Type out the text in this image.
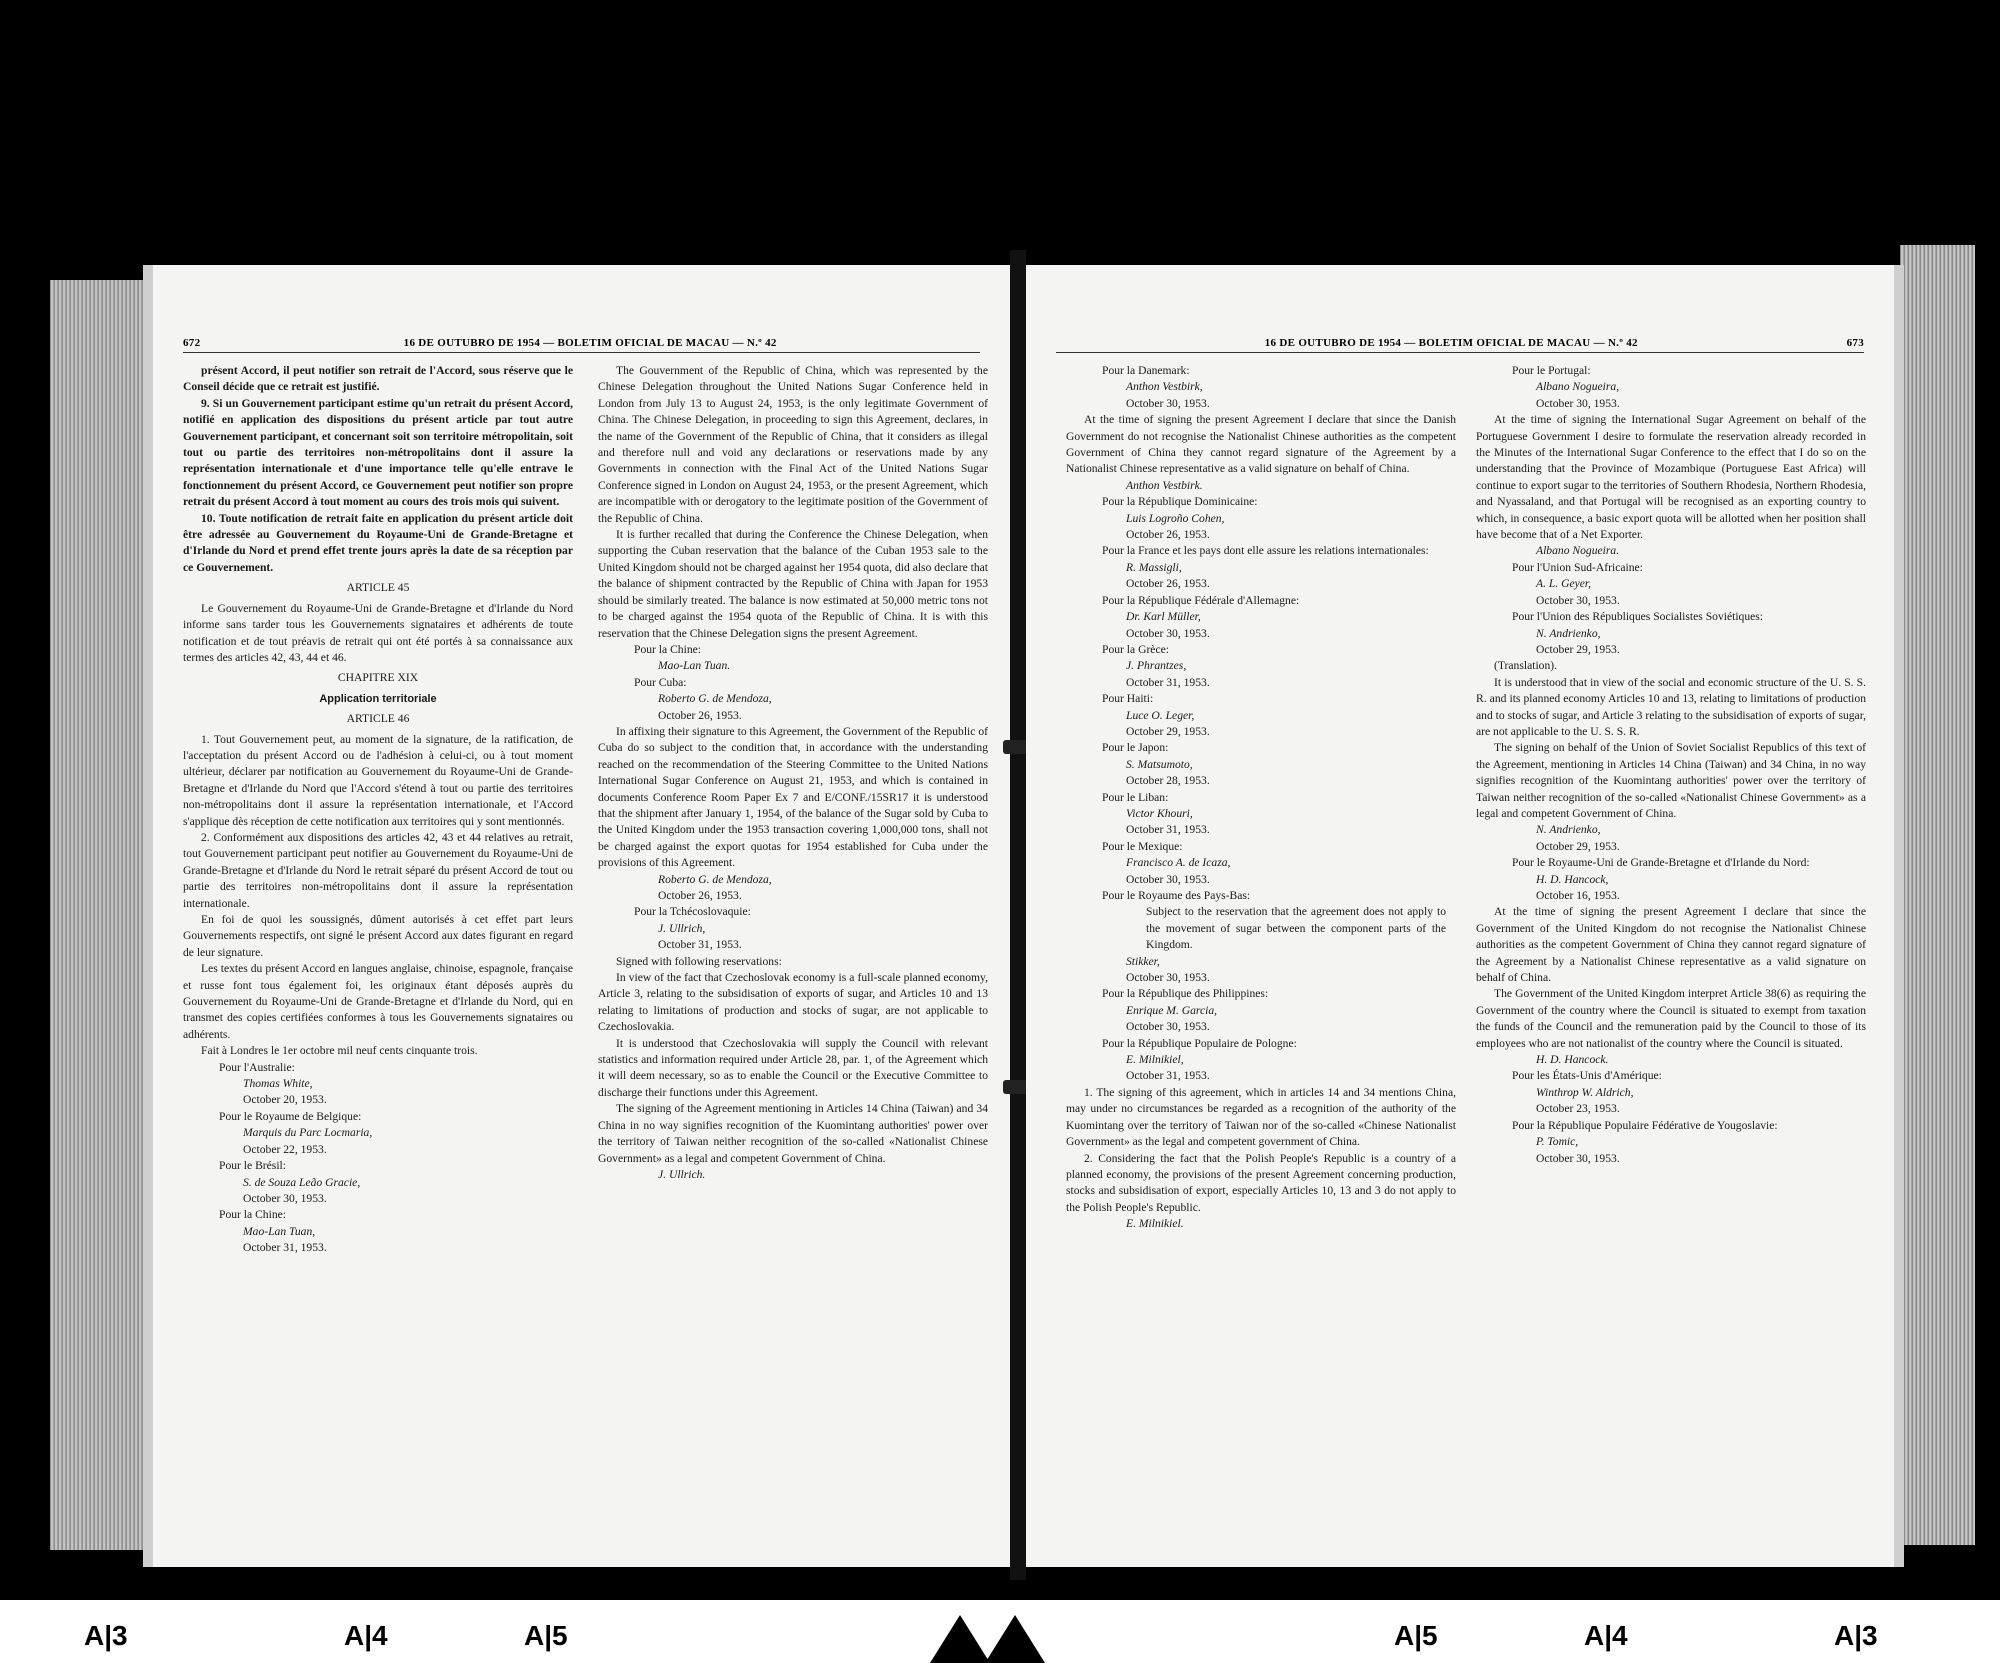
672	16 DE OUTUBRO DE 1954 — BOLETIM OFICIAL DE MACAU — N.º 42

présent Accord, il peut notifier son retrait de l'Accord, sous réserve que le Conseil décide que ce retrait est justifié.

9. Si un Gouvernement participant estime qu'un retrait du présent Accord, notifié en application des dispositions du présent article par tout autre Gouvernement participant, et concernant soit son territoire métropolitain, soit tout ou partie des territoires non-métropolitains dont il assure la représentation internationale et d'une importance telle qu'elle entrave le fonctionnement du présent Accord, ce Gouvernement peut notifier son propre retrait du présent Accord à tout moment au cours des trois mois qui suivent.

10. Toute notification de retrait faite en application du présent article doit être adressée au Gouvernement du Royaume-Uni de Grande-Bretagne et d'Irlande du Nord et prend effet trente jours après la date de sa réception par ce Gouvernement.

ARTICLE 45

Le Gouvernement du Royaume-Uni de Grande-Bretagne et d'Irlande du Nord informe sans tarder tous les Gouvernements signataires et adhérents de toute notification et de tout préavis de retrait qui ont été portés à sa connaissance aux termes des articles 42, 43, 44 et 46.

CHAPITRE XIX

Application territoriale

ARTICLE 46

1. Tout Gouvernement peut, au moment de la signature, de la ratification, de l'acceptation du présent Accord ou de l'adhésion à celui-ci, ou à tout moment ultérieur, déclarer par notification au Gouvernement du Royaume-Uni de Grande-Bretagne et d'Irlande du Nord que l'Accord s'étend à tout ou partie des territoires non-métropolitains dont il assure la représentation internationale, et l'Accord s'applique dès réception de cette notification aux territoires qui y sont mentionnés.

2. Conformément aux dispositions des articles 42, 43 et 44 relatives au retrait, tout Gouvernement participant peut notifier au Gouvernement du Royaume-Uni de Grande-Bretagne et d'Irlande du Nord le retrait séparé du présent Accord de tout ou partie des territoires non-métropolitains dont il assure la représentation internationale.

En foi de quoi les soussignés, dûment autorisés à cet effet part leurs Gouvernements respectifs, ont signé le présent Accord aux dates figurant en regard de leur signature.

Les textes du présent Accord en langues anglaise, chinoise, espagnole, française et russe font tous également foi, les originaux étant déposés auprès du Gouvernement du Royaume-Uni de Grande-Bretagne et d'Irlande du Nord, qui en transmet des copies certifiées conformes à tous les Gouvernements signataires ou adhérents.

Fait à Londres le 1er octobre mil neuf cents cinquante trois.

Pour l'Australie:

Thomas White,

October 20, 1953.

Pour le Royaume de Belgique:

Marquis du Parc Locmaria,

October 22, 1953.

Pour le Brésil:

S. de Souza Leão Gracie,

October 30, 1953.

Pour la Chine:

Mao-Lan Tuan,

October 31, 1953.

The Gouvernment of the Republic of China, which was represented by the Chinese Delegation throughout the United Nations Sugar Conference held in London from July 13 to August 24, 1953, is the only legitimate Government of China. The Chinese Delegation, in proceeding to sign this Agreement, declares, in the name of the Government of the Republic of China, that it considers as illegal and therefore null and void any declarations or reservations made by any Governments in connection with the Final Act of the United Nations Sugar Conference signed in London on August 24, 1953, or the present Agreement, which are incompatible with or derogatory to the legitimate position of the Government of the Republic of China.

It is further recalled that during the Conference the Chinese Delegation, when supporting the Cuban reservation that the balance of the Cuban 1953 sale to the United Kingdom should not be charged against her 1954 quota, did also declare that the balance of shipment contracted by the Republic of China with Japan for 1953 should be similarly treated. The balance is now estimated at 50,000 metric tons not to be charged against the 1954 quota of the Republic of China. It is with this reservation that the Chinese Delegation signs the present Agreement.

Pour la Chine:

Mao-Lan Tuan.

Pour Cuba:

Roberto G. de Mendoza,

October 26, 1953.

In affixing their signature to this Agreement, the Government of the Republic of Cuba do so subject to the condition that, in accordance with the understanding reached on the recommendation of the Steering Committee to the United Nations International Sugar Conference on August 21, 1953, and which is contained in documents Conference Room Paper Ex 7 and E/CONF./15SR17 it is understood that the shipment after January 1, 1954, of the balance of the Sugar sold by Cuba to the United Kingdom under the 1953 transaction covering 1,000,000 tons, shall not be charged against the export quotas for 1954 established for Cuba under the provisions of this Agreement.

Roberto G. de Mendoza,

October 26, 1953.

Pour la Tchécoslovaquie:

J. Ullrich,

October 31, 1953.

Signed with following reservations:

In view of the fact that Czechoslovak economy is a full-scale planned economy, Article 3, relating to the subsidisation of exports of sugar, and Articles 10 and 13 relating to limitations of production and stocks of sugar, are not applicable to Czechoslovakia.

It is understood that Czechoslovakia will supply the Council with relevant statistics and information required under Article 28, par. 1, of the Agreement which it will deem necessary, so as to enable the Council or the Executive Committee to discharge their functions under this Agreement.

The signing of the Agreement mentioning in Articles 14 China (Taiwan) and 34 China in no way signifies recognition of the Kuomintang authorities' power over the territory of Taiwan neither recognition of the so-called «Nationalist Chinese Government» as a legal and competent Government of China.

J. Ullrich.

16 DE OUTUBRO DE 1954 — BOLETIM OFICIAL DE MACAU — N.º 42	673

Pour la Danemark:

Anthon Vestbirk,

October 30, 1953.

At the time of signing the present Agreement I declare that since the Danish Government do not recognise the Nationalist Chinese authorities as the competent Government of China they cannot regard signature of the Agreement by a Nationalist Chinese representative as a valid signature on behalf of China.

Anthon Vestbirk.

Pour la République Dominicaine:

Luis Logroño Cohen,

October 26, 1953.

Pour la France et les pays dont elle assure les relations internationales:

R. Massigli,

October 26, 1953.

Pour la République Fédérale d'Allemagne:

Dr. Karl Müller,

October 30, 1953.

Pour la Grèce:

J. Phrantzes,

October 31, 1953.

Pour Haiti:

Luce O. Leger,

October 29, 1953.

Pour le Japon:

S. Matsumoto,

October 28, 1953.

Pour le Liban:

Victor Khouri,

October 31, 1953.

Pour le Mexique:

Francisco A. de Icaza,

October 30, 1953.

Pour le Royaume des Pays-Bas:

Subject to the reservation that the agreement does not apply to the movement of sugar between the component parts of the Kingdom.

Stikker,

October 30, 1953.

Pour la République des Philippines:

Enrique M. Garcia,

October 30, 1953.

Pour la République Populaire de Pologne:

E. Milnikiel,

October 31, 1953.

1. The signing of this agreement, which in articles 14 and 34 mentions China, may under no circumstances be regarded as a recognition of the authority of the Kuomintang over the territory of Taiwan nor of the so-called «Chinese Nationalist Government» as the legal and competent government of China.

2. Considering the fact that the Polish People's Republic is a country of a planned economy, the provisions of the present Agreement concerning production, stocks and subsidisation of export, especially Articles 10, 13 and 3 do not apply to the Polish People's Republic.

E. Milnikiel.

Pour le Portugal:

Albano Nogueira,

October 30, 1953.

At the time of signing the International Sugar Agreement on behalf of the Portuguese Government I desire to formulate the reservation already recorded in the Minutes of the International Sugar Conference to the effect that I do so on the understanding that the Province of Mozambique (Portuguese East Africa) will continue to export sugar to the territories of Southern Rhodesia, Northern Rhodesia, and Nyassaland, and that Portugal will be recognised as an exporting country to which, in consequence, a basic export quota will be allotted when her position shall have become that of a Net Exporter.

Albano Nogueira.

Pour l'Union Sud-Africaine:

A. L. Geyer,

October 30, 1953.

Pour l'Union des Républiques Socialistes Soviétiques:

N. Andrienko,

October 29, 1953.

(Translation).

It is understood that in view of the social and economic structure of the U. S. S. R. and its planned economy Articles 10 and 13, relating to limitations of production and to stocks of sugar, and Article 3 relating to the subsidisation of exports of sugar, are not applicable to the U. S. S. R.

The signing on behalf of the Union of Soviet Socialist Republics of this text of the Agreement, mentioning in Articles 14 China (Taiwan) and 34 China, in no way signifies recognition of the Kuomintang authorities' power over the territory of Taiwan neither recognition of the so-called «Nationalist Chinese Government» as a legal and competent Government of China.

N. Andrienko,

October 29, 1953.

Pour le Royaume-Uni de Grande-Bretagne et d'Irlande du Nord:

H. D. Hancock,

October 16, 1953.

At the time of signing the present Agreement I declare that since the Government of the United Kingdom do not recognise the Nationalist Chinese authorities as the competent Government of China they cannot regard signature of the Agreement by a Nationalist Chinese representative as a valid signature on behalf of China.

The Government of the United Kingdom interpret Article 38(6) as requiring the Government of the country where the Council is situated to exempt from taxation the funds of the Council and the remuneration paid by the Council to those of its employees who are not nationalist of the country where the Council is situated.

H. D. Hancock.

Pour les États-Unis d'Amérique:

Winthrop W. Aldrich,

October 23, 1953.

Pour la République Populaire Fédérative de Yougoslavie:

P. Tomic,

October 30, 1953.

A|3	A|4	A|5	A|5	A|4	A|3
